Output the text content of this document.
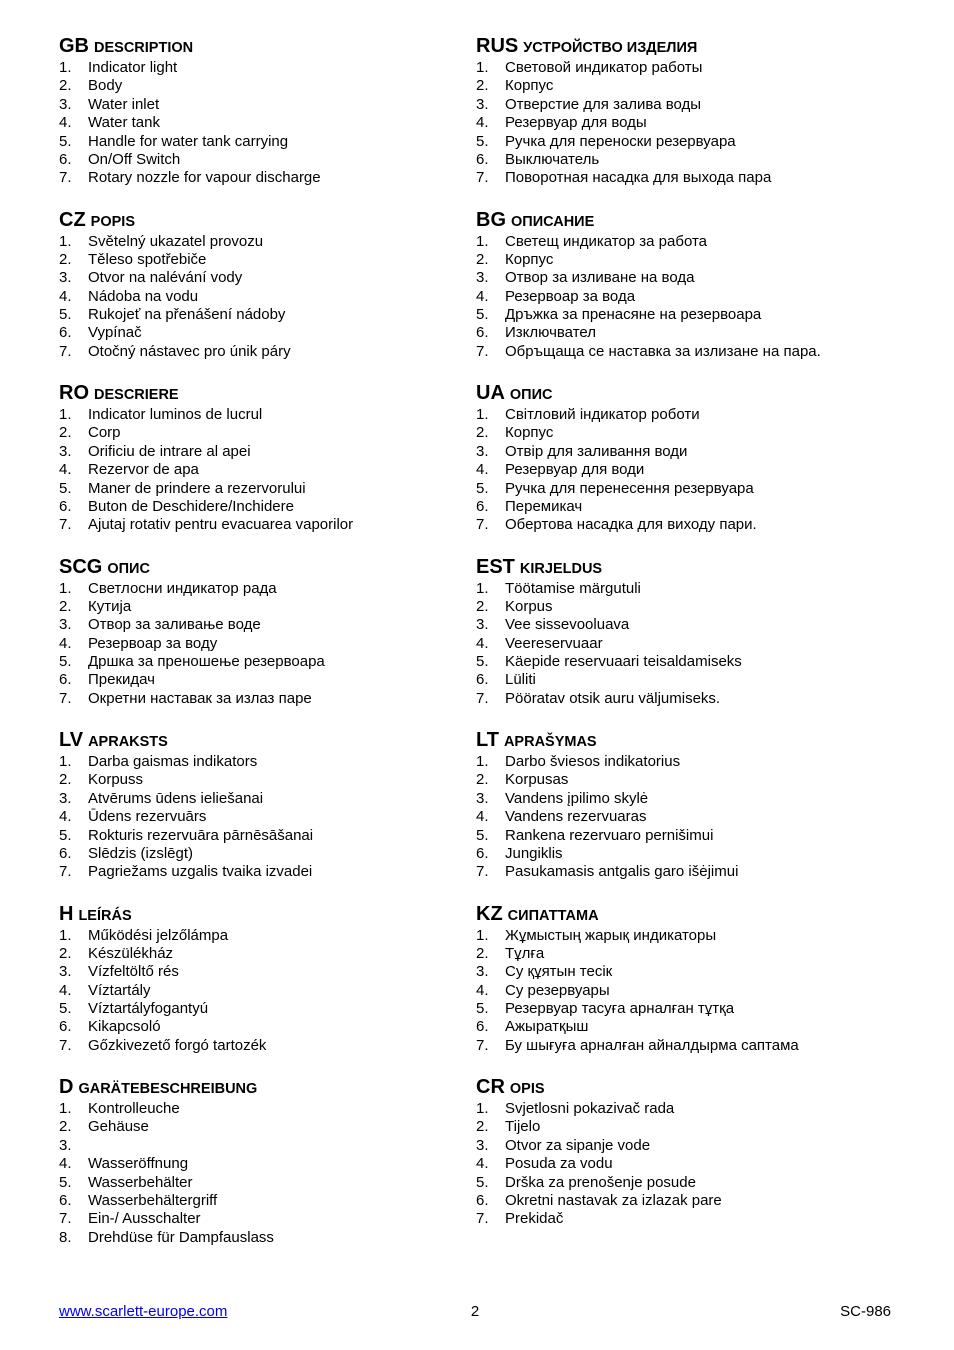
GB DESCRIPTION
1. Indicator light
2. Body
3. Water inlet
4. Water tank
5. Handle for water tank carrying
6. On/Off Switch
7. Rotary nozzle for vapour discharge
CZ POPIS
1. Světelný ukazatel provozu
2. Těleso spotřebiče
3. Otvor na nalévání vody
4. Nádoba na vodu
5. Rukojeť na přenášení nádoby
6. Vypínač
7. Otočný nástavec pro únik páry
RO DESCRIERE
1. Indicator luminos de lucrul
2. Corp
3. Orificiu de intrare al apei
4. Rezervor de apa
5. Maner de prindere a rezervorului
6. Buton de Deschidere/Inchidere
7. Ajutaj rotativ pentru evacuarea vaporilor
SCG ОПИС
1. Светлосни индикатор рада
2. Кутија
3. Отвор за заливање воде
4. Резервоар за воду
5. Дршка за преношење резервоара
6. Прекидач
7. Окретни наставак за излаз паре
LV APRAKSTS
1. Darba gaismas indikators
2. Korpuss
3. Atvērums ūdens ieliešanai
4. Ūdens rezervuārs
5. Rokturis rezervuāra pārnēsāšanai
6. Slēdzis (izslēgt)
7. Pagriežams uzgalis tvaika izvadei
H LEÍRÁS
1. Működési jelzőlámpa
2. Készülékház
3. Vízfeltöltő rés
4. Víztartály
5. Víztartályfogantyú
6. Kikapcsoló
7. Gőzkivezető forgó tartozék
D GARÄTEBESCHREIBUNG
1. Kontrolleuche
2. Gehäuse
3.
4. Wasseröffnung
5. Wasserbehälter
6. Wasserbehältergriff
7. Ein-/ Ausschalter
8. Drehdüse für Dampfauslass
RUS УСТРОЙСТВО ИЗДЕЛИЯ
1. Световой индикатор работы
2. Корпус
3. Отверстие для залива воды
4. Резервуар для воды
5. Ручка для переноски резервуара
6. Выключатель
7. Поворотная насадка для выхода пара
BG ОПИСАНИЕ
1. Светещ индикатор за работа
2. Корпус
3. Отвор за изливане на вода
4. Резервоар за вода
5. Дръжка за пренасяне на резервоара
6. Изключвател
7. Обръщаща се наставка за излизане на пара.
UA ОПИС
1. Світловий індикатор роботи
2. Корпус
3. Отвір для заливання води
4. Резервуар для води
5. Ручка для перенесення резервуара
6. Перемикач
7. Обертова насадка для виходу пари.
EST KIRJELDUS
1. Töötamise märgutuli
2. Korpus
3. Vee sissevooluava
4. Veereservuaar
5. Käepide reservuaari teisaldamiseks
6. Lüliti
7. Pööratav otsik auru väljumiseks.
LT APRAŠYMAS
1. Darbo šviesos indikatorius
2. Korpusas
3. Vandens įpilimo skylė
4. Vandens rezervuaras
5. Rankena rezervuaro pernišimui
6. Jungiklis
7. Pasukamasis antgalis garo išėjimui
KZ СИПАТТАМА
1. Жұмыстың жарық индикаторы
2. Тұлға
3. Су құятын тесік
4. Су резервуары
5. Резервуар тасуға арналған тұтқа
6. Ажыратқыш
7. Бу шығуға арналған айналдырма саптама
CR OPIS
1. Svjetlosni pokazivač rada
2. Tijelo
3. Otvor za sipanje vode
4. Posuda za vodu
5. Drška za prenošenje posude
6. Okretni nastavak za izlazak pare
7. Prekidač
2
www.scarlett-europe.com	SC-986
